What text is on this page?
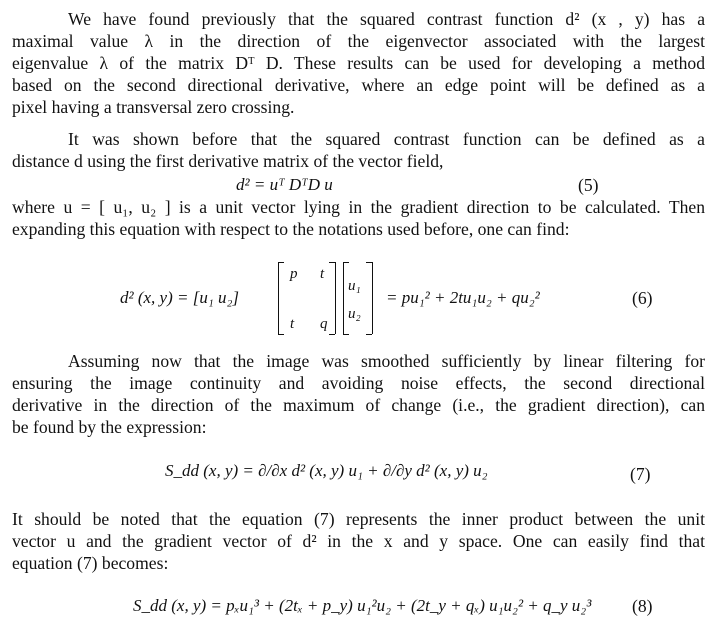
We have found previously that the squared contrast function d² (x , y) has a
maximal value λ in the direction of the eigenvector associated with the largest
eigenvalue λ of the matrix Dᵀ D. These results can be used for developing a method
based on the second directional derivative, where an edge point will be defined as a
pixel having a transversal zero crossing.
It was shown before that the squared contrast function can be defined as a
distance d using the first derivative matrix of the vector field,
d² = uᵀ DᵀD u	(5)
where u = [ u₁, u₂ ] is a unit vector lying in the gradient direction to be calculated. Then
expanding this equation with respect to the notations used before, one can find:
d² (x, y) = [u₁ u₂]
p t
t q
u₁
u₂
= pu₁² + 2tu₁u₂ + qu₂²	(6)
Assuming now that the image was smoothed sufficiently by linear filtering for
ensuring the image continuity and avoiding noise effects, the second directional
derivative in the direction of the maximum of change (i.e., the gradient direction), can
be found by the expression:
S_dd (x, y) = ∂/∂x d² (x, y) u₁ + ∂/∂y d² (x, y) u₂	(7)
It should be noted that the equation (7) represents the inner product between the unit
vector u and the gradient vector of d² in the x and y space. One can easily find that
equation (7) becomes:
S_dd (x, y) = pₓu₁³ + (2tₓ + p_y) u₁²u₂ + (2t_y + qₓ) u₁u₂² + q_y u₂³ (8)
